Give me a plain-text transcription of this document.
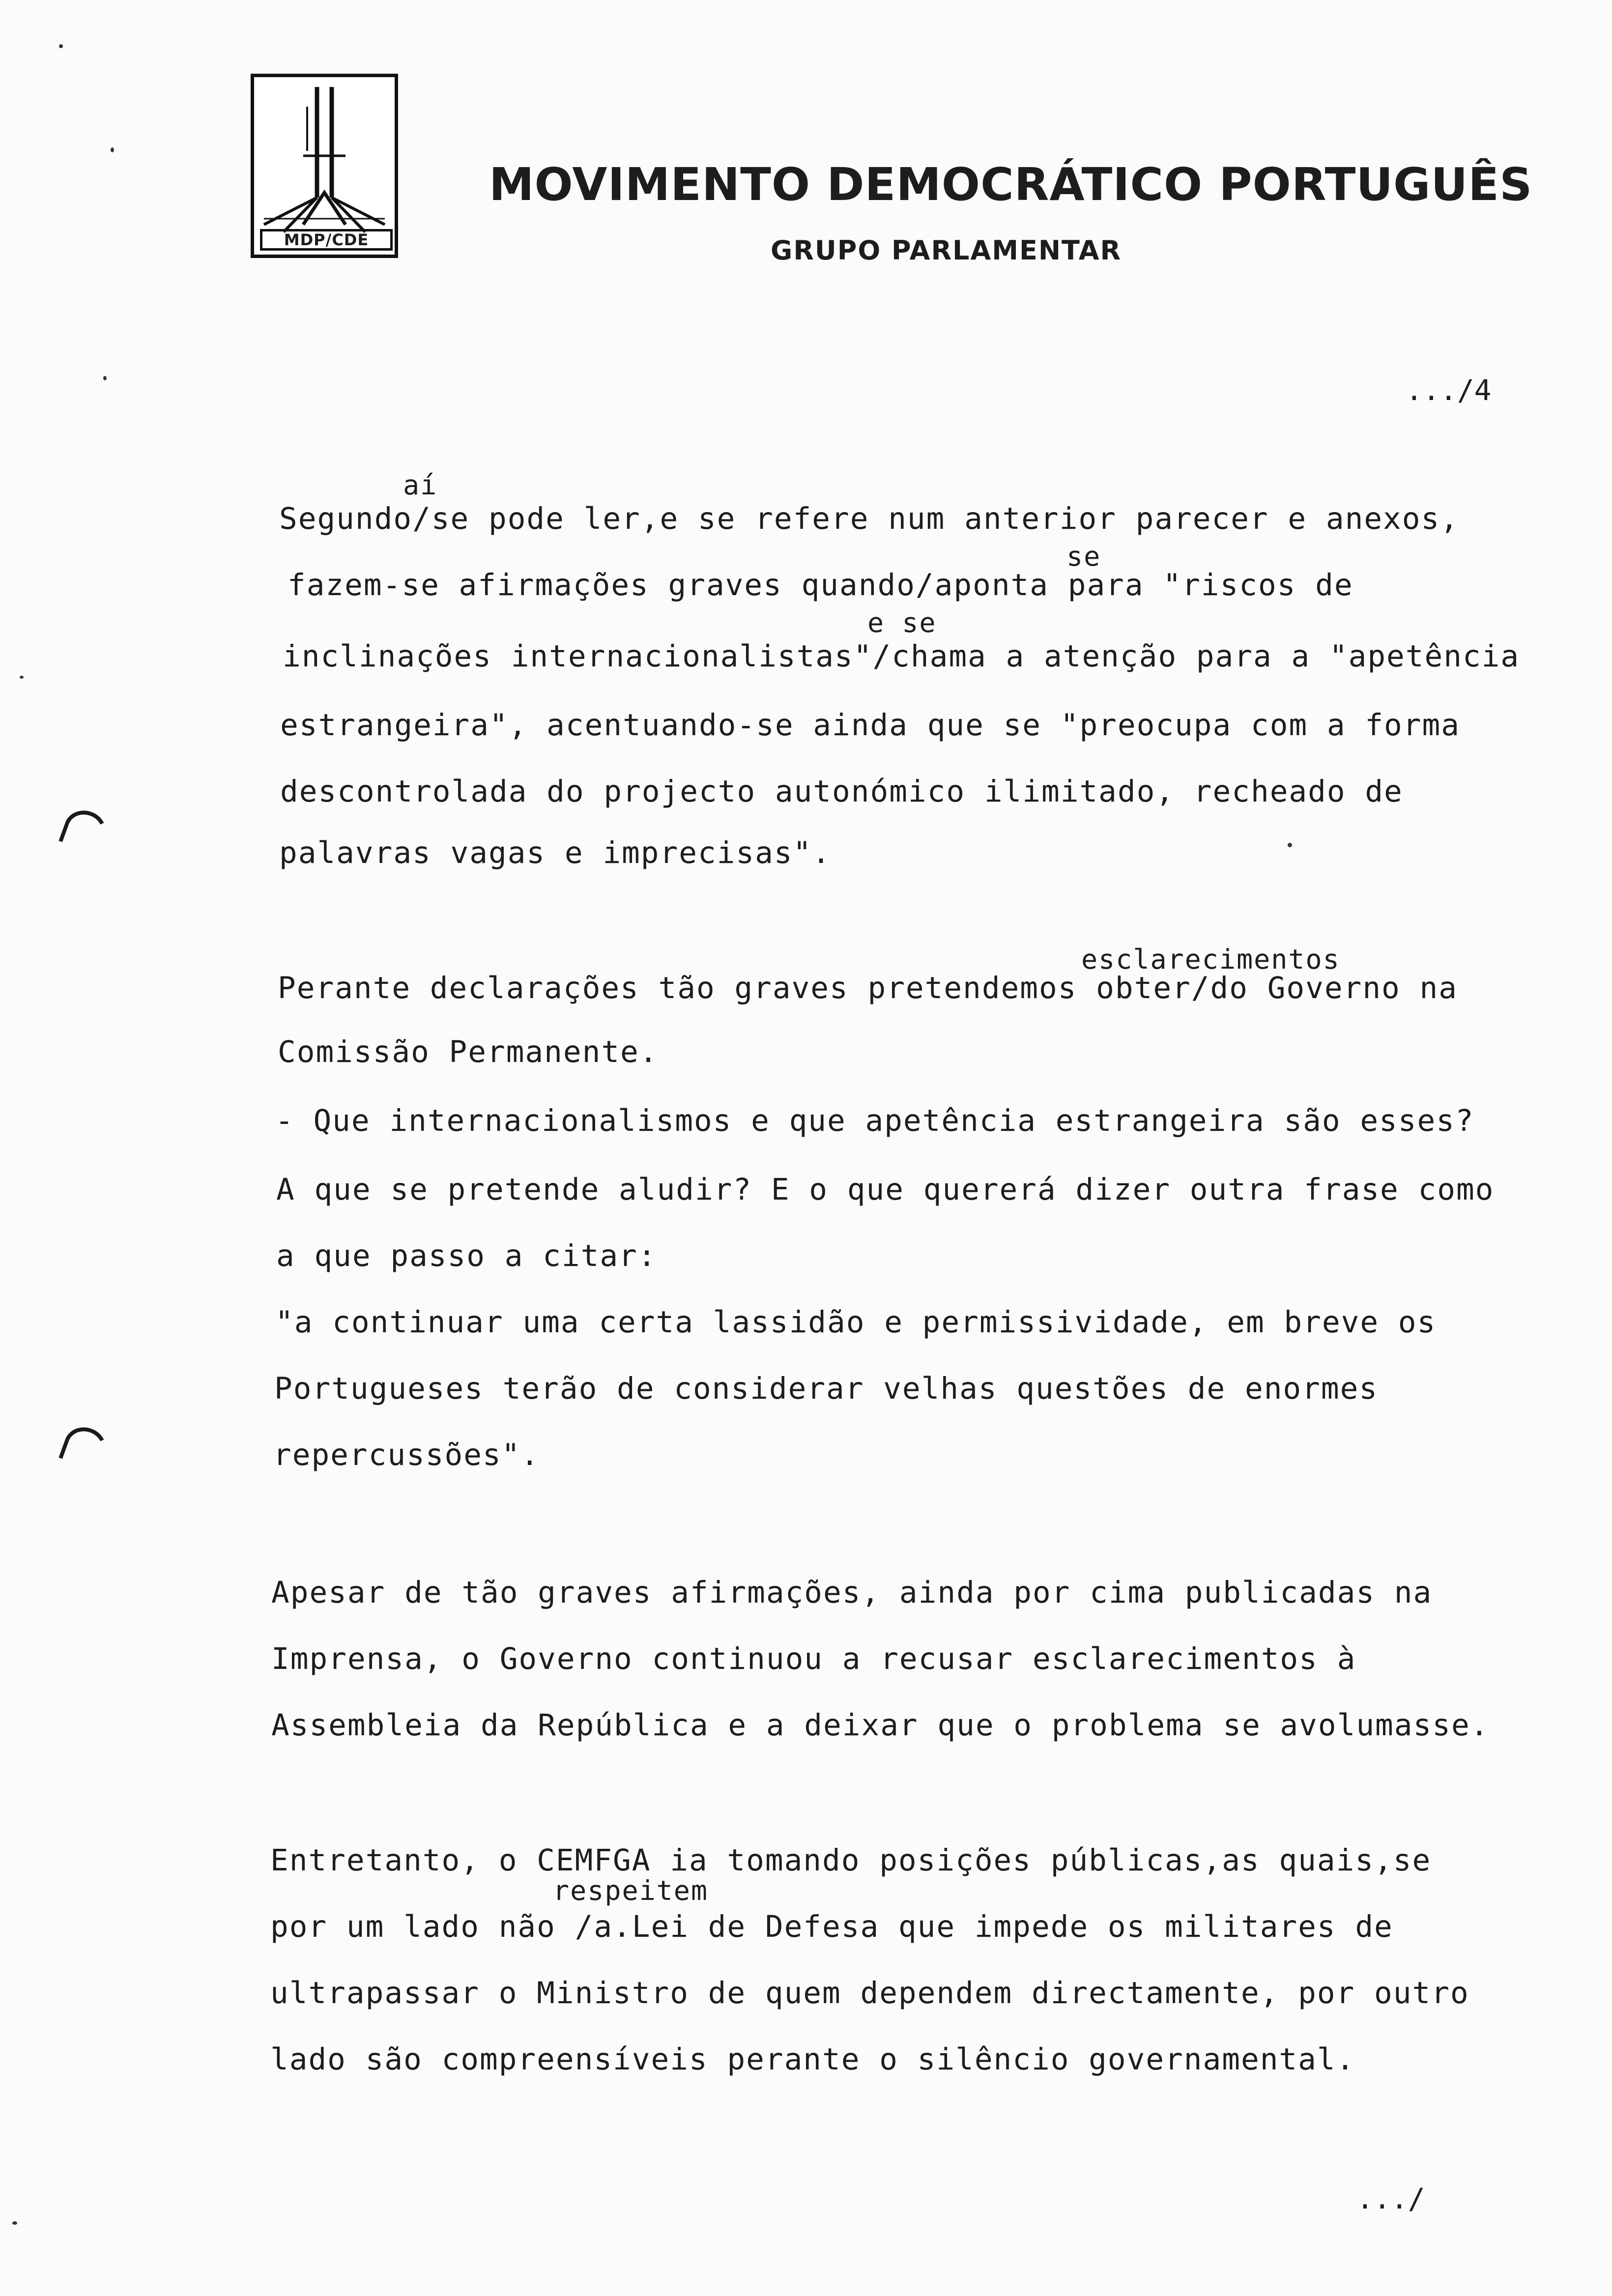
MDP/CDE
MOVIMENTO DEMOCRÁTICO PORTUGUÊS
GRUPO PARLAMENTAR
.../4
aí
Segundo/se pode ler,e se refere num anterior parecer e anexos,
se
fazem-se afirmações graves quando/aponta para "riscos de
e se
inclinações internacionalistas"/chama a atenção para a "apetência
estrangeira", acentuando-se ainda que se "preocupa com a forma
descontrolada do projecto autonómico ilimitado, recheado de
palavras vagas e imprecisas".
esclarecimentos
Perante declarações tão graves pretendemos obter/do Governo na
Comissão Permanente.
- Que internacionalismos e que apetência estrangeira são esses?
A que se pretende aludir? E o que quererá dizer outra frase como
a que passo a citar:
"a continuar uma certa lassidão e permissividade, em breve os
Portugueses terão de considerar velhas questões de enormes
repercussões".
Apesar de tão graves afirmações, ainda por cima publicadas na
Imprensa, o Governo continuou a recusar esclarecimentos à
Assembleia da República e a deixar que o problema se avolumasse.
Entretanto, o CEMFGA ia tomando posições públicas,as quais,se
respeitem
por um lado não /a.Lei de Defesa que impede os militares de
ultrapassar o Ministro de quem dependem directamente, por outro
lado são compreensíveis perante o silêncio governamental.
.../
